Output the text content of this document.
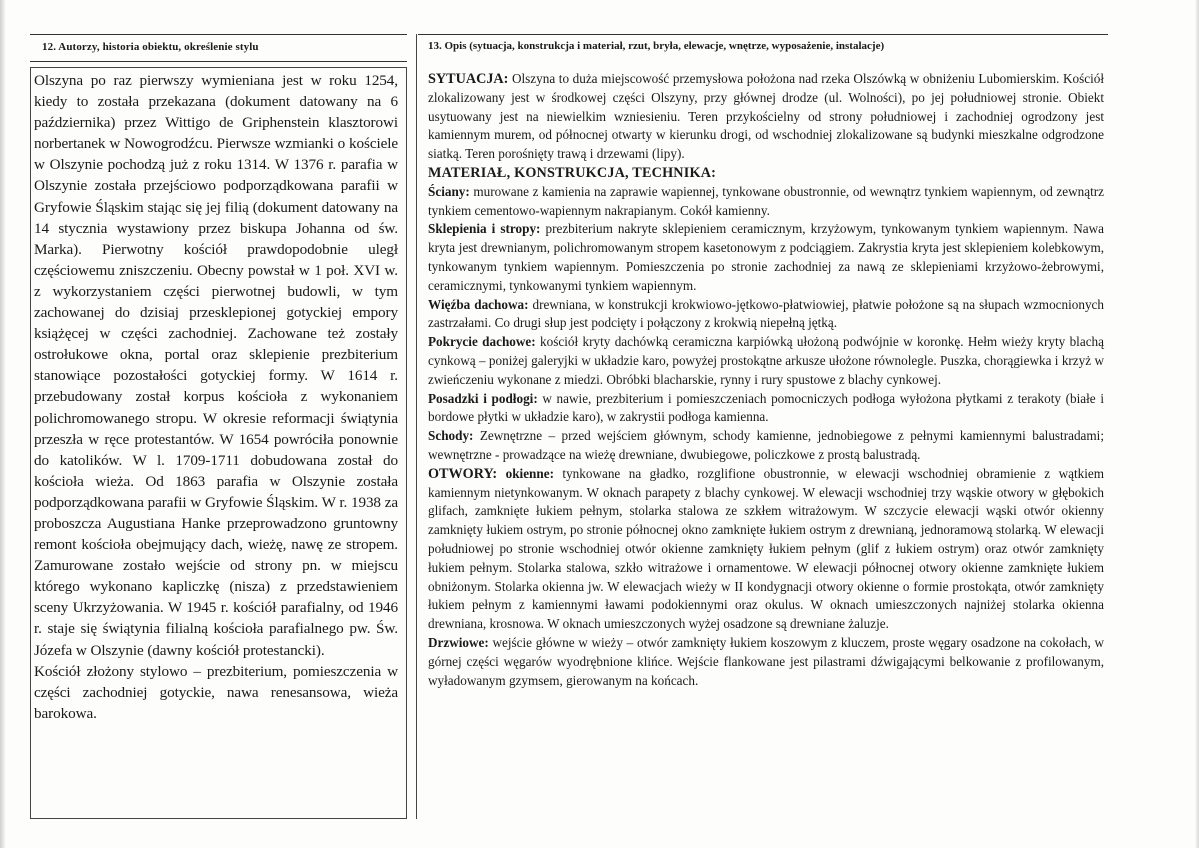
12. Autorzy, historia obiektu, określenie stylu

Olszyna po raz pierwszy wymieniana jest w roku 1254, kiedy to została przekazana (dokument datowany na 6 października) przez Wittigo de Griphenstein klasztorowi norbertanek w Nowogrodźcu. Pierwsze wzmianki o kościele w Olszynie pochodzą już z roku 1314. W 1376 r. parafia w Olszynie została przejściowo podporządkowana parafii w Gryfowie Śląskim stając się jej filią (dokument datowany na 14 stycznia wystawiony przez biskupa Johanna od św. Marka). Pierwotny kościół prawdopodobnie uległ częściowemu zniszczeniu. Obecny powstał w 1 poł. XVI w. z wykorzystaniem części pierwotnej budowli, w tym zachowanej do dzisiaj przesklepionej gotyckiej empory książęcej w części zachodniej. Zachowane też zostały ostrołukowe okna, portal oraz sklepienie prezbiterium stanowiące pozostałości gotyckiej formy. W 1614 r. przebudowany został korpus kościoła z wykonaniem polichromowanego stropu. W okresie reformacji świątynia przeszła w ręce protestantów. W 1654 powróciła ponownie do katolików. W l. 1709-1711 dobudowana został do kościoła wieża. Od 1863 parafia w Olszynie została podporządkowana parafii w Gryfowie Śląskim. W r. 1938 za proboszcza Augustiana Hanke przeprowadzono gruntowny remont kościoła obejmujący dach, wieżę, nawę ze stropem. Zamurowane zostało wejście od strony pn. w miejscu którego wykonano kapliczkę (nisza) z przedstawieniem sceny Ukrzyżowania. W 1945 r. kościół parafialny, od 1946 r. staje się świątynia filialną kościoła parafialnego pw. Św. Józefa w Olszynie (dawny kościół protestancki).

Kościół złożony stylowo – prezbiterium, pomieszczenia w części zachodniej gotyckie, nawa renesansowa, wieża barokowa.

13. Opis (sytuacja, konstrukcja i materiał, rzut, bryła, elewacje, wnętrze, wyposażenie, instalacje)

SYTUACJA: Olszyna to duża miejscowość przemysłowa położona nad rzeka Olszówką w obniżeniu Lubomierskim. Kościół zlokalizowany jest w środkowej części Olszyny, przy głównej drodze (ul. Wolności), po jej południowej stronie. Obiekt usytuowany jest na niewielkim wzniesieniu. Teren przykościelny od strony południowej i zachodniej ogrodzony jest kamiennym murem, od północnej otwarty w kierunku drogi, od wschodniej zlokalizowane są budynki mieszkalne odgrodzone siatką. Teren porośnięty trawą i drzewami (lipy).

MATERIAŁ, KONSTRUKCJA, TECHNIKA:

Ściany: murowane z kamienia na zaprawie wapiennej, tynkowane obustronnie, od wewnątrz tynkiem wapiennym, od zewnątrz tynkiem cementowo-wapiennym nakrapianym. Cokół kamienny.

Sklepienia i stropy: prezbiterium nakryte sklepieniem ceramicznym, krzyżowym, tynkowanym tynkiem wapiennym. Nawa kryta jest drewnianym, polichromowanym stropem kasetonowym z podciągiem. Zakrystia kryta jest sklepieniem kolebkowym, tynkowanym tynkiem wapiennym. Pomieszczenia po stronie zachodniej za nawą ze sklepieniami krzyżowo-żebrowymi, ceramicznymi, tynkowanymi tynkiem wapiennym.

Więźba dachowa: drewniana, w konstrukcji krokwiowo-jętkowo-płatwiowiej, płatwie położone są na słupach wzmocnionych zastrzałami. Co drugi słup jest podcięty i połączony z krokwią niepełną jętką.

Pokrycie dachowe: kościół kryty dachówką ceramiczna karpiówką ułożoną podwójnie w koronkę. Hełm wieży kryty blachą cynkową – poniżej galeryjki w układzie karo, powyżej prostokątne arkusze ułożone równolegle. Puszka, chorągiewka i krzyż w zwieńczeniu wykonane z miedzi. Obróbki blacharskie, rynny i rury spustowe z blachy cynkowej.

Posadzki i podłogi: w nawie, prezbiterium i pomieszczeniach pomocniczych podłoga wyłożona płytkami z terakoty (białe i bordowe płytki w układzie karo), w zakrystii podłoga kamienna.

Schody: Zewnętrzne – przed wejściem głównym, schody kamienne, jednobiegowe z pełnymi kamiennymi balustradami; wewnętrzne - prowadzące na wieżę drewniane, dwubiegowe, policzkowe z prostą balustradą.

OTWORY: okienne: tynkowane na gładko, rozglifione obustronnie, w elewacji wschodniej obramienie z wątkiem kamiennym nietynkowanym. W oknach parapety z blachy cynkowej. W elewacji wschodniej trzy wąskie otwory w głębokich glifach, zamknięte łukiem pełnym, stolarka stalowa ze szkłem witrażowym. W szczycie elewacji wąski otwór okienny zamknięty łukiem ostrym, po stronie północnej okno zamknięte łukiem ostrym z drewnianą, jednoramową stolarką. W elewacji południowej po stronie wschodniej otwór okienne zamknięty łukiem pełnym (glif z łukiem ostrym) oraz otwór zamknięty łukiem pełnym. Stolarka stalowa, szkło witrażowe i ornamentowe. W elewacji północnej otwory okienne zamknięte łukiem obniżonym. Stolarka okienna jw. W elewacjach wieży w II kondygnacji otwory okienne o formie prostokąta, otwór zamknięty łukiem pełnym z kamiennymi ławami podokiennymi oraz okulus. W oknach umieszczonych najniżej stolarka okienna drewniana, krosnowa. W oknach umieszczonych wyżej osadzone są drewniane żaluzje.

Drzwiowe: wejście główne w wieży – otwór zamknięty łukiem koszowym z kluczem, proste węgary osadzone na cokołach, w górnej części węgarów wyodrębnione klińce. Wejście flankowane jest pilastrami dźwigającymi belkowanie z profilowanym, wyładowanym gzymsem, gierowanym na końcach.
